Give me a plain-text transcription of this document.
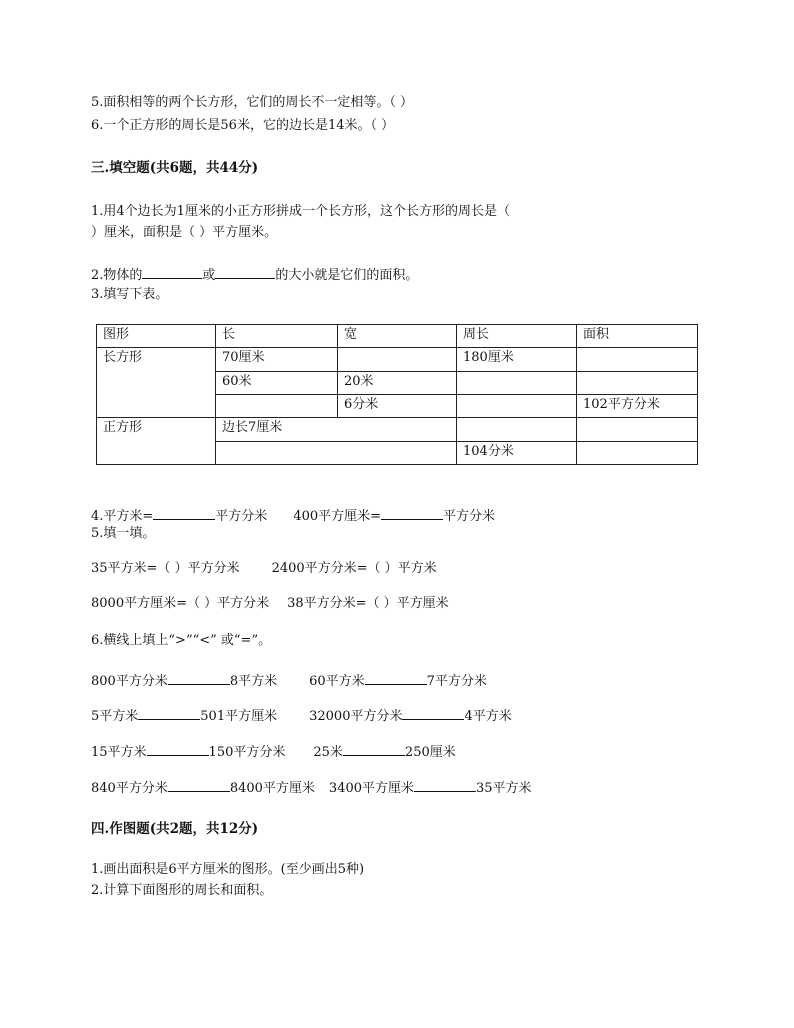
5.面积相等的两个长方形，它们的周长不一定相等。（ ）
6.一个正方形的周长是56米，它的边长是14米。（ ）
三.填空题(共6题，共44分)
1.用4个边长为1厘米的小正方形拼成一个长方形，这个长方形的周长是（
）厘米，面积是（ ）平方厘米。
2.物体的	或	的大小就是它们的面积。
3.填写下表。
图形	长	宽	周长	面积
长方形	70厘米		180厘米	
	60米	20米		
		6分米		102平方分米
正方形	边长7厘米			
			104分米	
4.平方米=	平方分米 400平方厘米=	平方分米
5.填一填。
35平方米=（ ）平方分米 2400平方分米=（ ）平方米
8000平方厘米=（ ）平方分米 38平方分米=（ ）平方厘米
6.横线上填上“>”“<” 或“=”。
800平方分米	8平方米 60平方米	7平方分米
5平方米	501平方厘米 32000平方分米	4平方米
15平方米	150平方分米 25米	250厘米
840平方分米	8400平方厘米 3400平方厘米	35平方米
四.作图题(共2题，共12分)
1.画出面积是6平方厘米的图形。(至少画出5种)
2.计算下面图形的周长和面积。
